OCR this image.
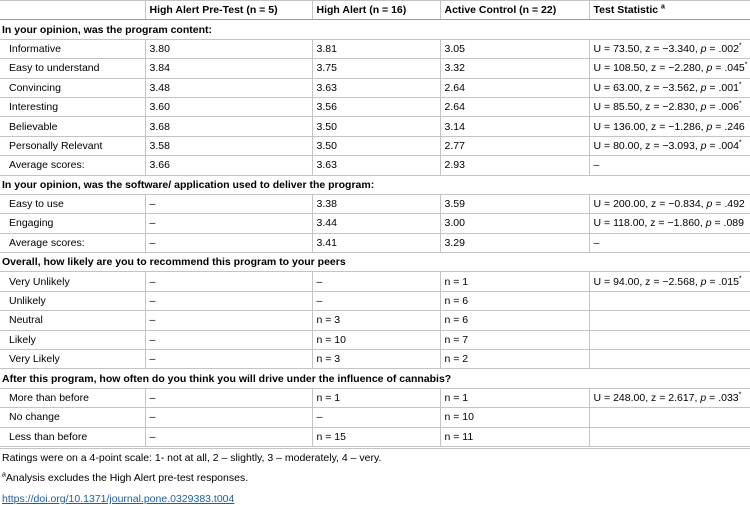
	High Alert Pre-Test (n = 5)	High Alert (n = 16)	Active Control (n = 22)	Test Statistic $^a$
In your opinion, was the program content:				
Informative	3.80	3.81	3.05	U = 73.50, z = −3.340, p = .002*
Easy to understand	3.84	3.75	3.32	U = 108.50, z = −2.280, p = .045*
Convincing	3.48	3.63	2.64	U = 63.00, z = −3.562, p = .001*
Interesting	3.60	3.56	2.64	U = 85.50, z = −2.830, p = .006*
Believable	3.68	3.50	3.14	U = 136.00, z = −1.286, p = .246
Personally Relevant	3.58	3.50	2.77	U = 80.00, z = −3.093, p = .004*
Average scores:	3.66	3.63	2.93	–
In your opinion, was the software/ application used to deliver the program:				
Easy to use	–	3.38	3.59	U = 200.00, z = −0.834, p = .492
Engaging	–	3.44	3.00	U = 118.00, z = −1.860, p = .089
Average scores:	–	3.41	3.29	–
Overall, how likely are you to recommend this program to your peers				
Very Unlikely	–	–	n = 1	U = 94.00, z = −2.568, p = .015*
Unlikely	–	–	n = 6	
Neutral	–	n = 3	n = 6	
Likely	–	n = 10	n = 7	
Very Likely	–	n = 3	n = 2	
After this program, how often do you think you will drive under the influence of cannabis?				
More than before	–	n = 1	n = 1	U = 248.00, z = 2.617, p = .033*
No change	–	–	n = 10	
Less than before	–	n = 15	n = 11	
Ratings were on a 4-point scale: 1- not at all, 2 – slightly, 3 – moderately, 4 – very.
$^a$Analysis excludes the High Alert pre-test responses.
https://doi.org/10.1371/journal.pone.0329383.t004
